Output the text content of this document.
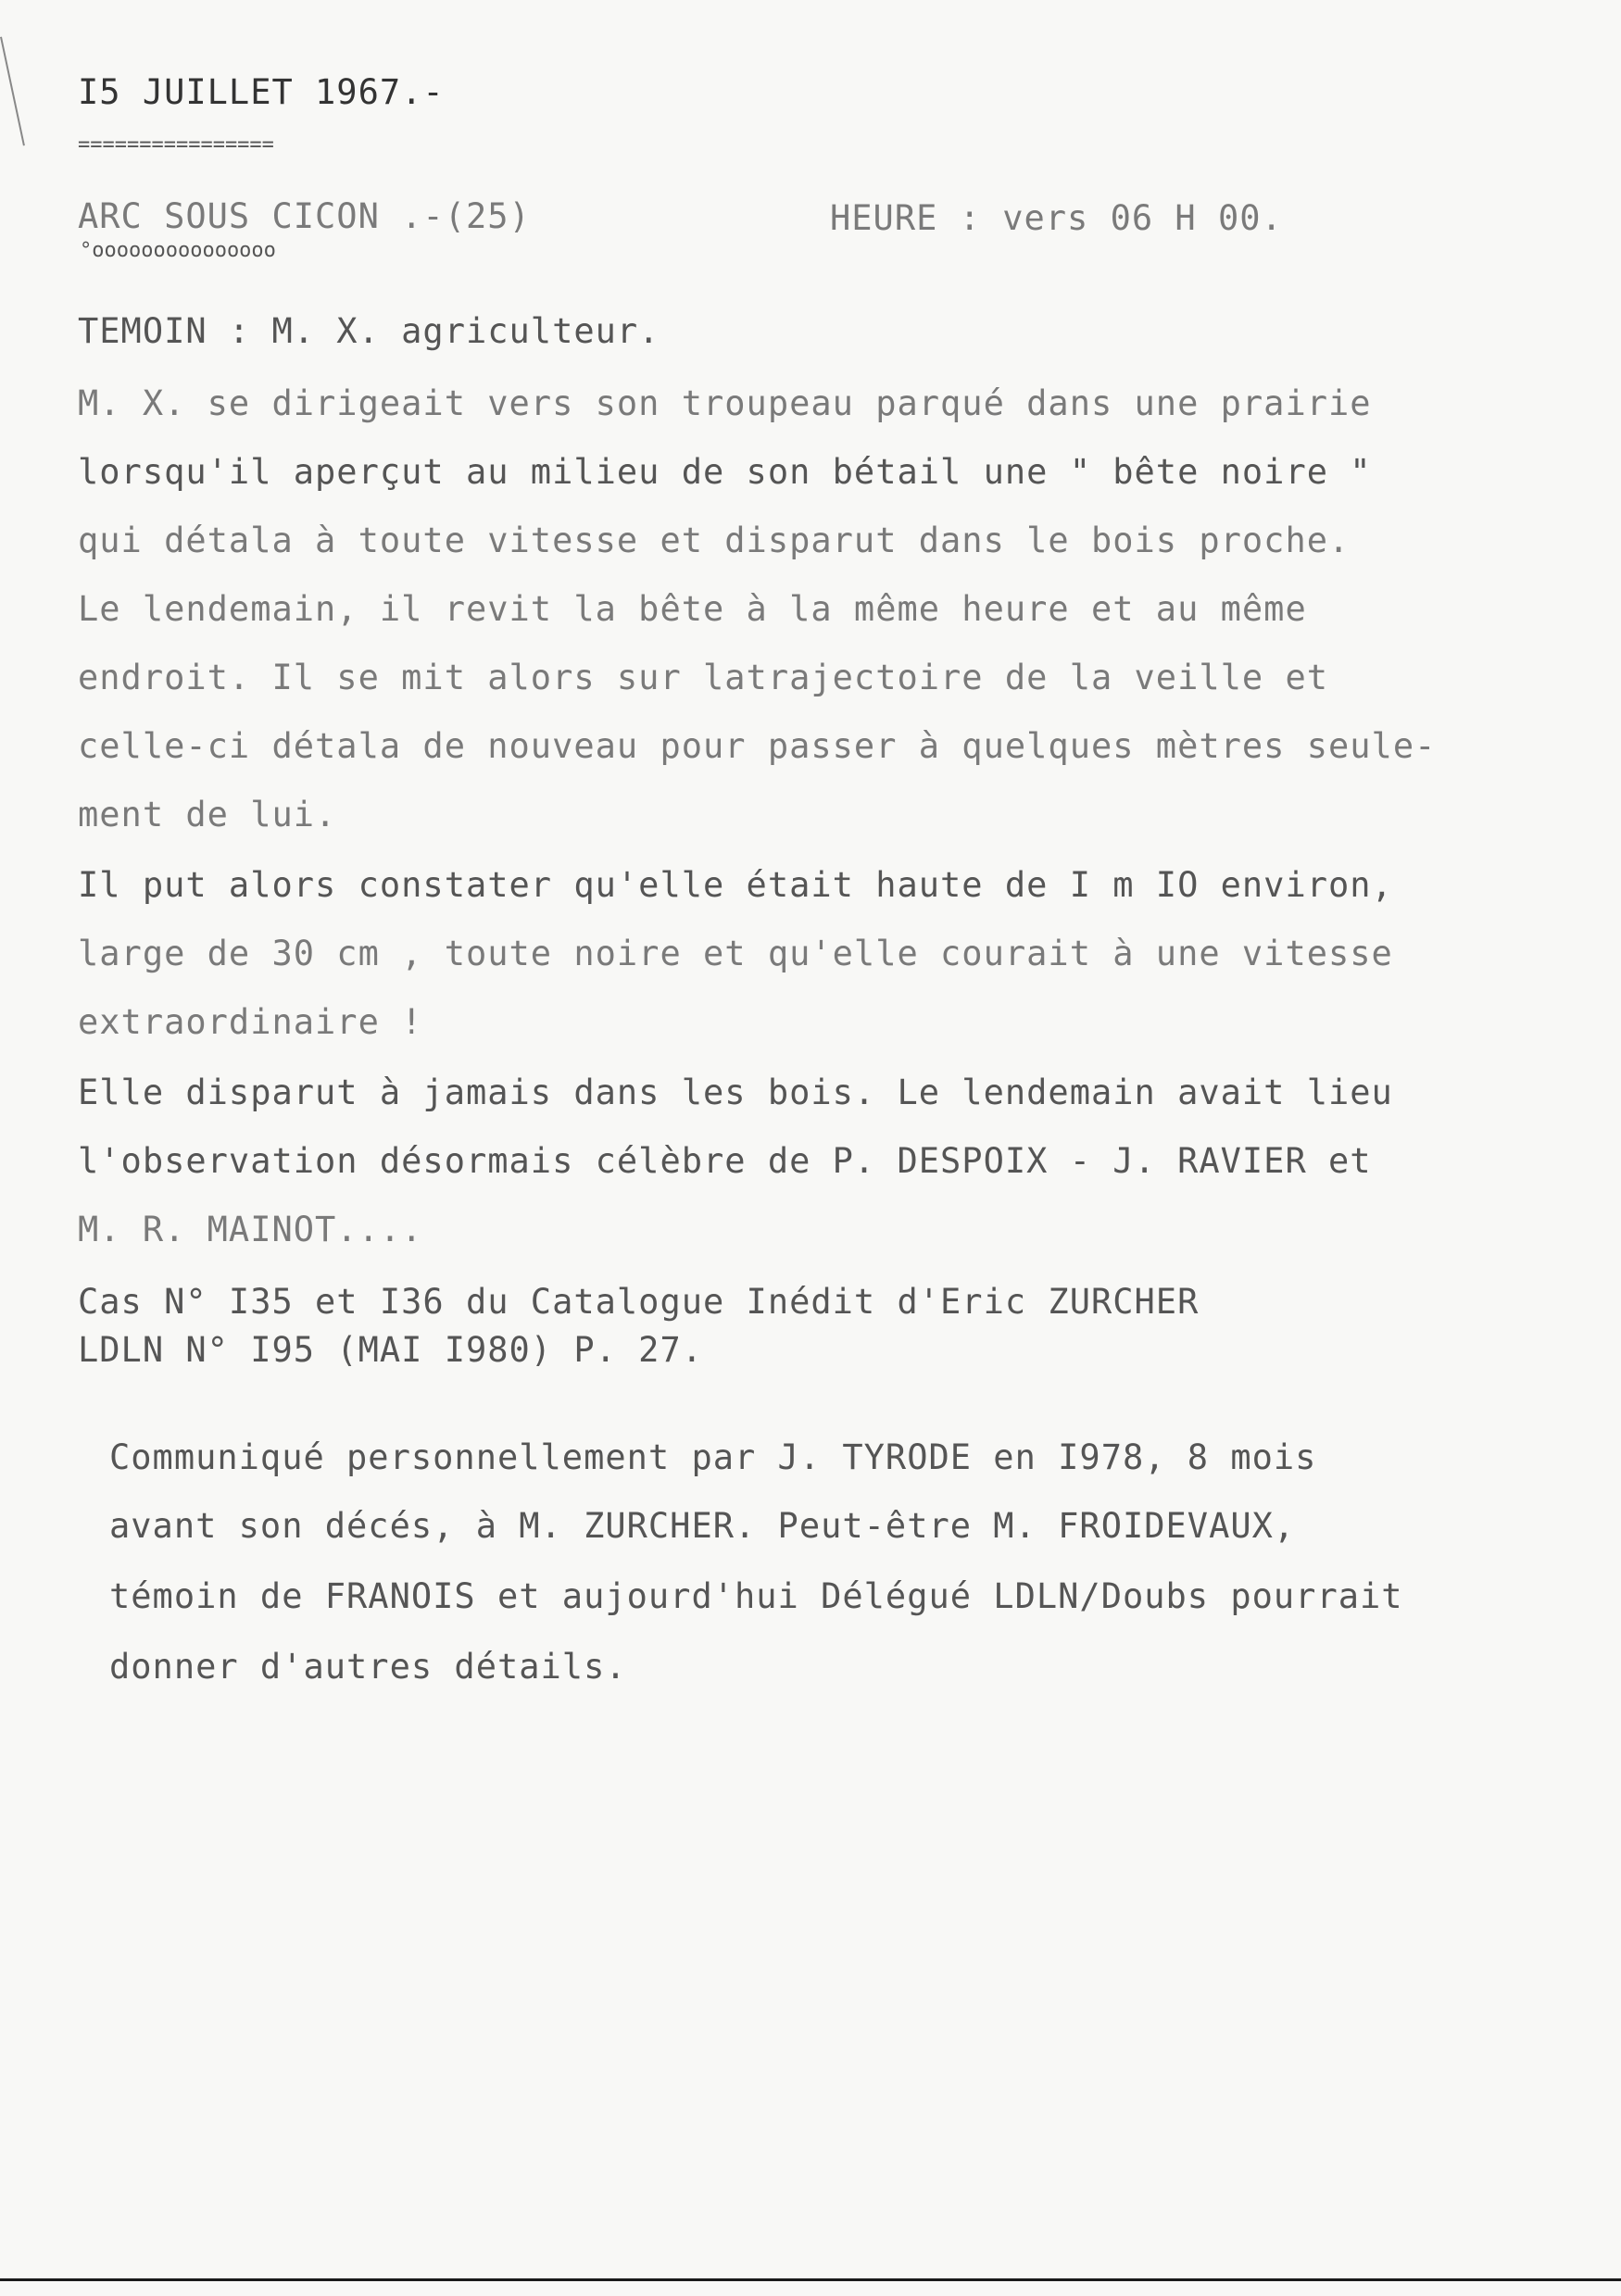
I5 JUILLET 1967.-
================
ARC SOUS CICON .-(25)	HEURE : vers 06 H 00.
°ooooooooooooooo
TEMOIN : M. X. agriculteur.
M. X. se dirigeait vers son troupeau parqué dans une prairie
lorsqu'il aperçut au milieu de son bétail une " bête noire "
qui détala à toute vitesse et disparut dans le bois proche.
Le lendemain, il revit la bête à la même heure et au même
endroit. Il se mit alors sur latrajectoire de la veille et
celle-ci détala de nouveau pour passer à quelques mètres seule-
ment de lui.
Il put alors constater qu'elle était haute de I m IO environ,
large de 30 cm , toute noire et qu'elle courait à une vitesse
extraordinaire !
Elle disparut à jamais dans les bois. Le lendemain avait lieu
l'observation désormais célèbre de P. DESPOIX - J. RAVIER et
M. R. MAINOT....
Cas N° I35 et I36 du Catalogue Inédit d'Eric ZURCHER
LDLN N° I95 (MAI I980) P. 27.
Communiqué personnellement par J. TYRODE en I978, 8 mois
avant son décés, à M. ZURCHER. Peut-être M. FROIDEVAUX,
témoin de FRANOIS et aujourd'hui Délégué LDLN/Doubs pourrait
donner d'autres détails.
